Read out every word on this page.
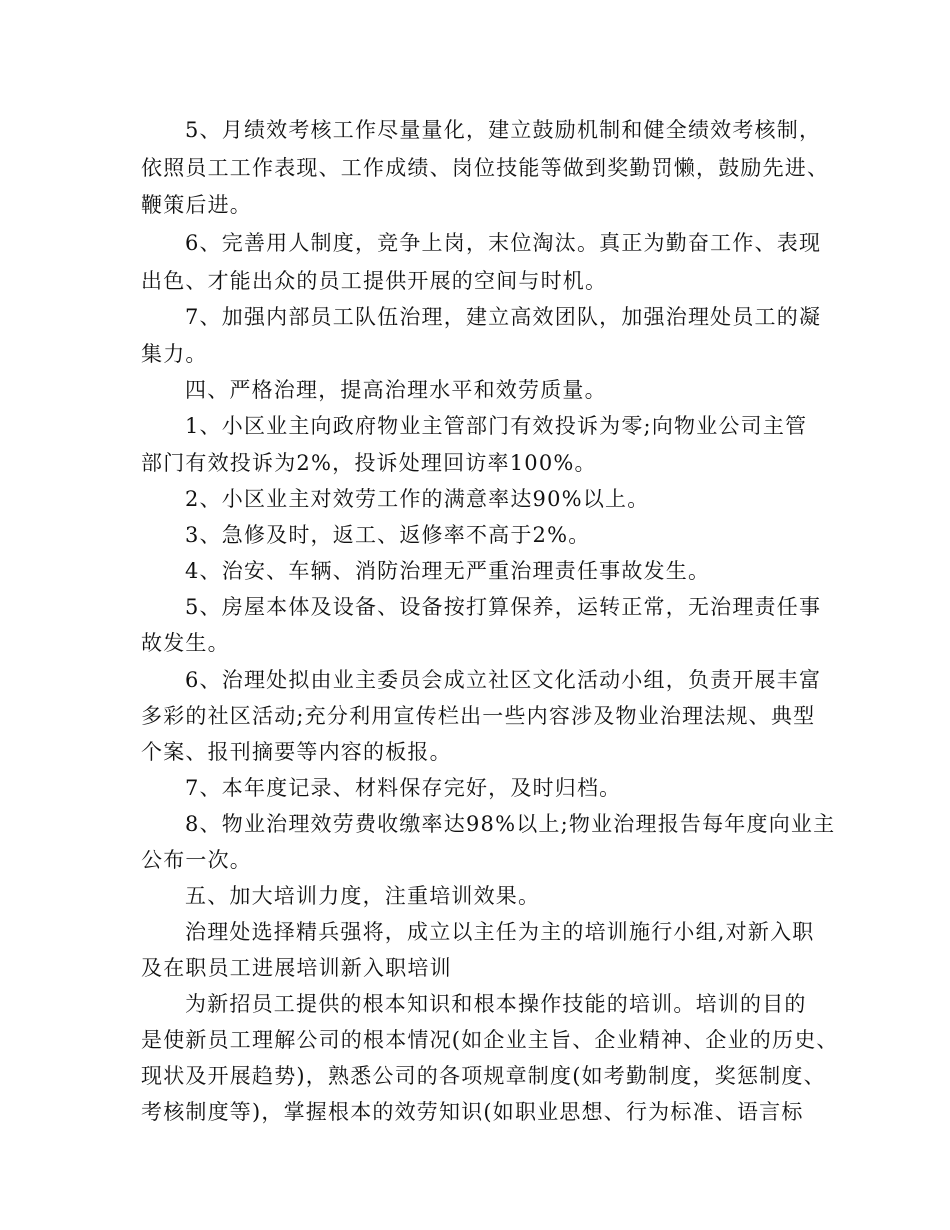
5、月绩效考核工作尽量量化，建立鼓励机制和健全绩效考核制，
依照员工工作表现、工作成绩、岗位技能等做到奖勤罚懒，鼓励先进、
鞭策后进。
6、完善用人制度，竞争上岗，末位淘汰。真正为勤奋工作、表现
出色、才能出众的员工提供开展的空间与时机。
7、加强内部员工队伍治理，建立高效团队，加强治理处员工的凝
集力。
四、严格治理，提高治理水平和效劳质量。
1、小区业主向政府物业主管部门有效投诉为零;向物业公司主管
部门有效投诉为2%，投诉处理回访率100%。
2、小区业主对效劳工作的满意率达90%以上。
3、急修及时，返工、返修率不高于2%。
4、治安、车辆、消防治理无严重治理责任事故发生。
5、房屋本体及设备、设备按打算保养，运转正常，无治理责任事
故发生。
6、治理处拟由业主委员会成立社区文化活动小组，负责开展丰富
多彩的社区活动;充分利用宣传栏出一些内容涉及物业治理法规、典型
个案、报刊摘要等内容的板报。
7、本年度记录、材料保存完好，及时归档。
8、物业治理效劳费收缴率达98%以上;物业治理报告每年度向业主
公布一次。
五、加大培训力度，注重培训效果。
治理处选择精兵强将，成立以主任为主的培训施行小组,对新入职
及在职员工进展培训新入职培训
为新招员工提供的根本知识和根本操作技能的培训。培训的目的
是使新员工理解公司的根本情况(如企业主旨、企业精神、企业的历史、
现状及开展趋势)，熟悉公司的各项规章制度(如考勤制度，奖惩制度、
考核制度等)，掌握根本的效劳知识(如职业思想、行为标准、语言标
